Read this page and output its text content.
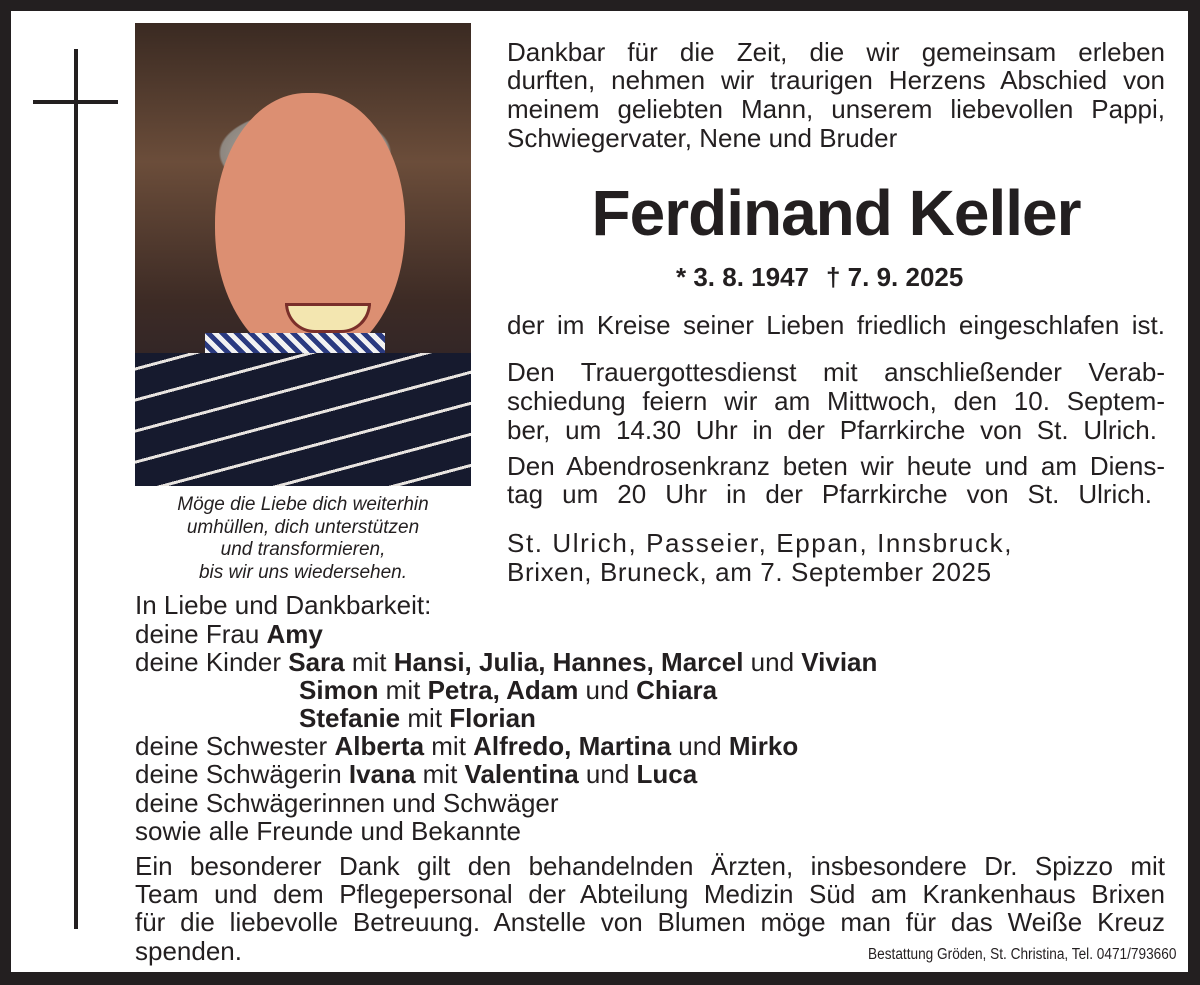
Möge die Liebe dich weiterhin
umhüllen, dich unterstützen
und transformieren,
bis wir uns wiedersehen.
Dankbar für die Zeit, die wir gemeinsam erleben
durften, nehmen wir traurigen Herzens Abschied von
meinem geliebten Mann, unserem liebevollen Pappi,
Schwiegervater, Nene und Bruder
Ferdinand Keller
* 3. 8. 1947 † 7. 9. 2025
der im Kreise seiner Lieben friedlich eingeschlafen ist.
Den Trauergottesdienst mit anschließender Verab-
schiedung feiern wir am Mittwoch, den 10. Septem-
ber, um 14.30 Uhr in der Pfarrkirche von St. Ulrich.
Den Abendrosenkranz beten wir heute und am Diens-
tag um 20 Uhr in der Pfarrkirche von St. Ulrich.
St. Ulrich, Passeier, Eppan, Innsbruck,
Brixen, Bruneck, am 7. September 2025
In Liebe und Dankbarkeit:
deine Frau Amy
deine Kinder Sara mit Hansi, Julia, Hannes, Marcel und Vivian
Simon mit Petra, Adam und Chiara
Stefanie mit Florian
deine Schwester Alberta mit Alfredo, Martina und Mirko
deine Schwägerin Ivana mit Valentina und Luca
deine Schwägerinnen und Schwäger
sowie alle Freunde und Bekannte
Ein besonderer Dank gilt den behandelnden Ärzten, insbesondere Dr. Spizzo mit
Team und dem Pflegepersonal der Abteilung Medizin Süd am Krankenhaus Brixen
für die liebevolle Betreuung. Anstelle von Blumen möge man für das Weiße Kreuz
spenden.	Bestattung Gröden, St. Christina, Tel. 0471/793660
